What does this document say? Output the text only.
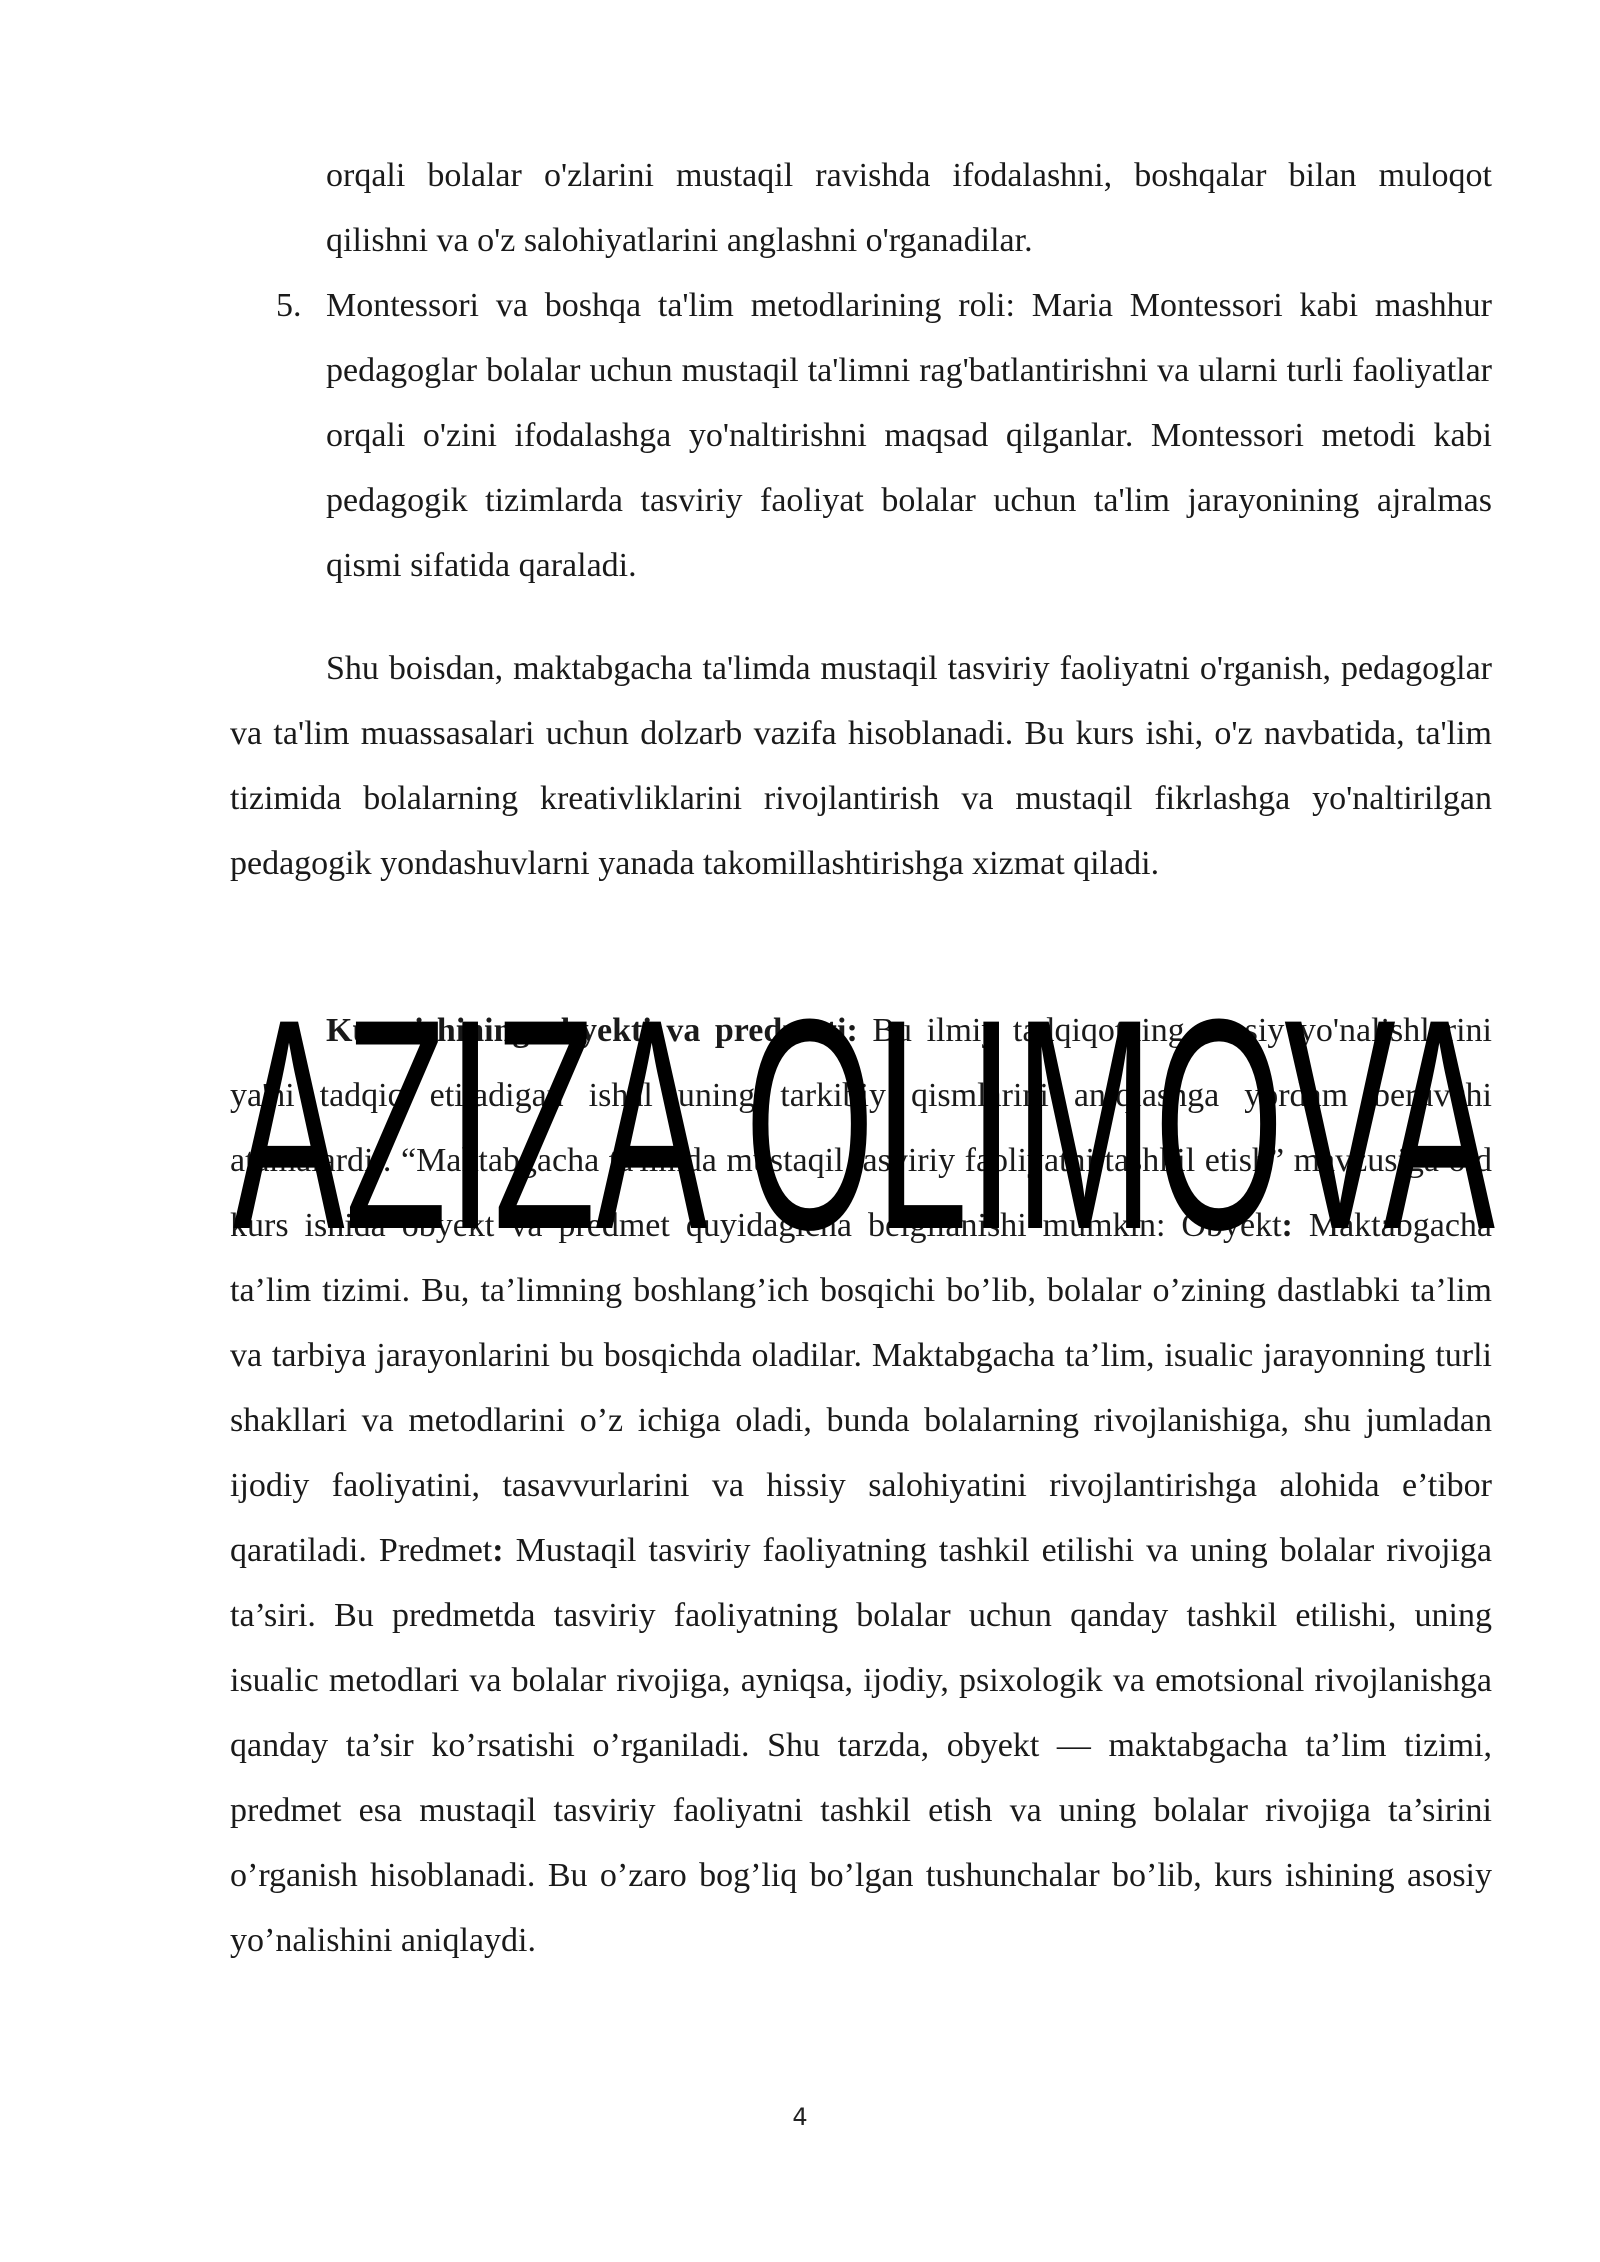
orqali bolalar o'zlarini mustaqil ravishda ifodalashni, boshqalar bilan muloqot qilishni va o'z salohiyatlarini anglashni o'rganadilar.

5. Montessori va boshqa ta'lim metodlarining roli: Maria Montessori kabi mashhur pedagoglar bolalar uchun mustaqil ta'limni rag'batlantirishni va ularni turli faoliyatlar orqali o'zini ifodalashga yo'naltirishni maqsad qilganlar. Montessori metodi kabi pedagogik tizimlarda tasviriy faoliyat bolalar uchun ta'lim jarayonining ajralmas qismi sifatida qaraladi.

Shu boisdan, maktabgacha ta'limda mustaqil tasviriy faoliyatni o'rganish, pedagoglar va ta'lim muassasalari uchun dolzarb vazifa hisoblanadi. Bu kurs ishi, o'z navbatida, ta'lim tizimida bolalarning kreativliklarini rivojlantirish va mustaqil fikrlashga yo'naltirilgan pedagogik yondashuvlarni yanada takomillashtirishga xizmat qiladi.

Kurs ishining obyekti va predmeti: Bu ilmiy tadqiqotning asosiy yo'nalishlarini ya'ni tadqiq etiladigan ishal uning tarkibiy qismlarini aniqlashga yordam beruvchi atamalardir. “Maktabgacha ta'limda mustaqil tasviriy faoliyatni tashkil etish” mavzusiga oid kurs ishida obyekt va predmet quyidagicha belgilanishi mumkin: Obyekt: Maktabgacha ta’lim tizimi. Bu, ta’limning boshlang’ich bosqichi bo’lib, bolalar o’zining dastlabki ta’lim va tarbiya jarayonlarini bu bosqichda oladilar. Maktabgacha ta’lim, isualic jarayonning turli shakllari va metodlarini o’z ichiga oladi, bunda bolalarning rivojlanishiga, shu jumladan ijodiy faoliyatini, tasavvurlarini va hissiy salohiyatini rivojlantirishga alohida e’tibor qaratiladi. Predmet: Mustaqil tasviriy faoliyatning tashkil etilishi va uning bolalar rivojiga ta’siri. Bu predmetda tasviriy faoliyatning bolalar uchun qanday tashkil etilishi, uning isualic metodlari va bolalar rivojiga, ayniqsa, ijodiy, psixologik va emotsional rivojlanishga qanday ta’sir ko’rsatishi o’rganiladi. Shu tarzda, obyekt — maktabgacha ta’lim tizimi, predmet esa mustaqil tasviriy faoliyatni tashkil etish va uning bolalar rivojiga ta’sirini o’rganish hisoblanadi. Bu o’zaro bog’liq bo’lgan tushunchalar bo’lib, kurs ishining asosiy yo’nalishini aniqlaydi.

AZIZA OLIMOVA
4
